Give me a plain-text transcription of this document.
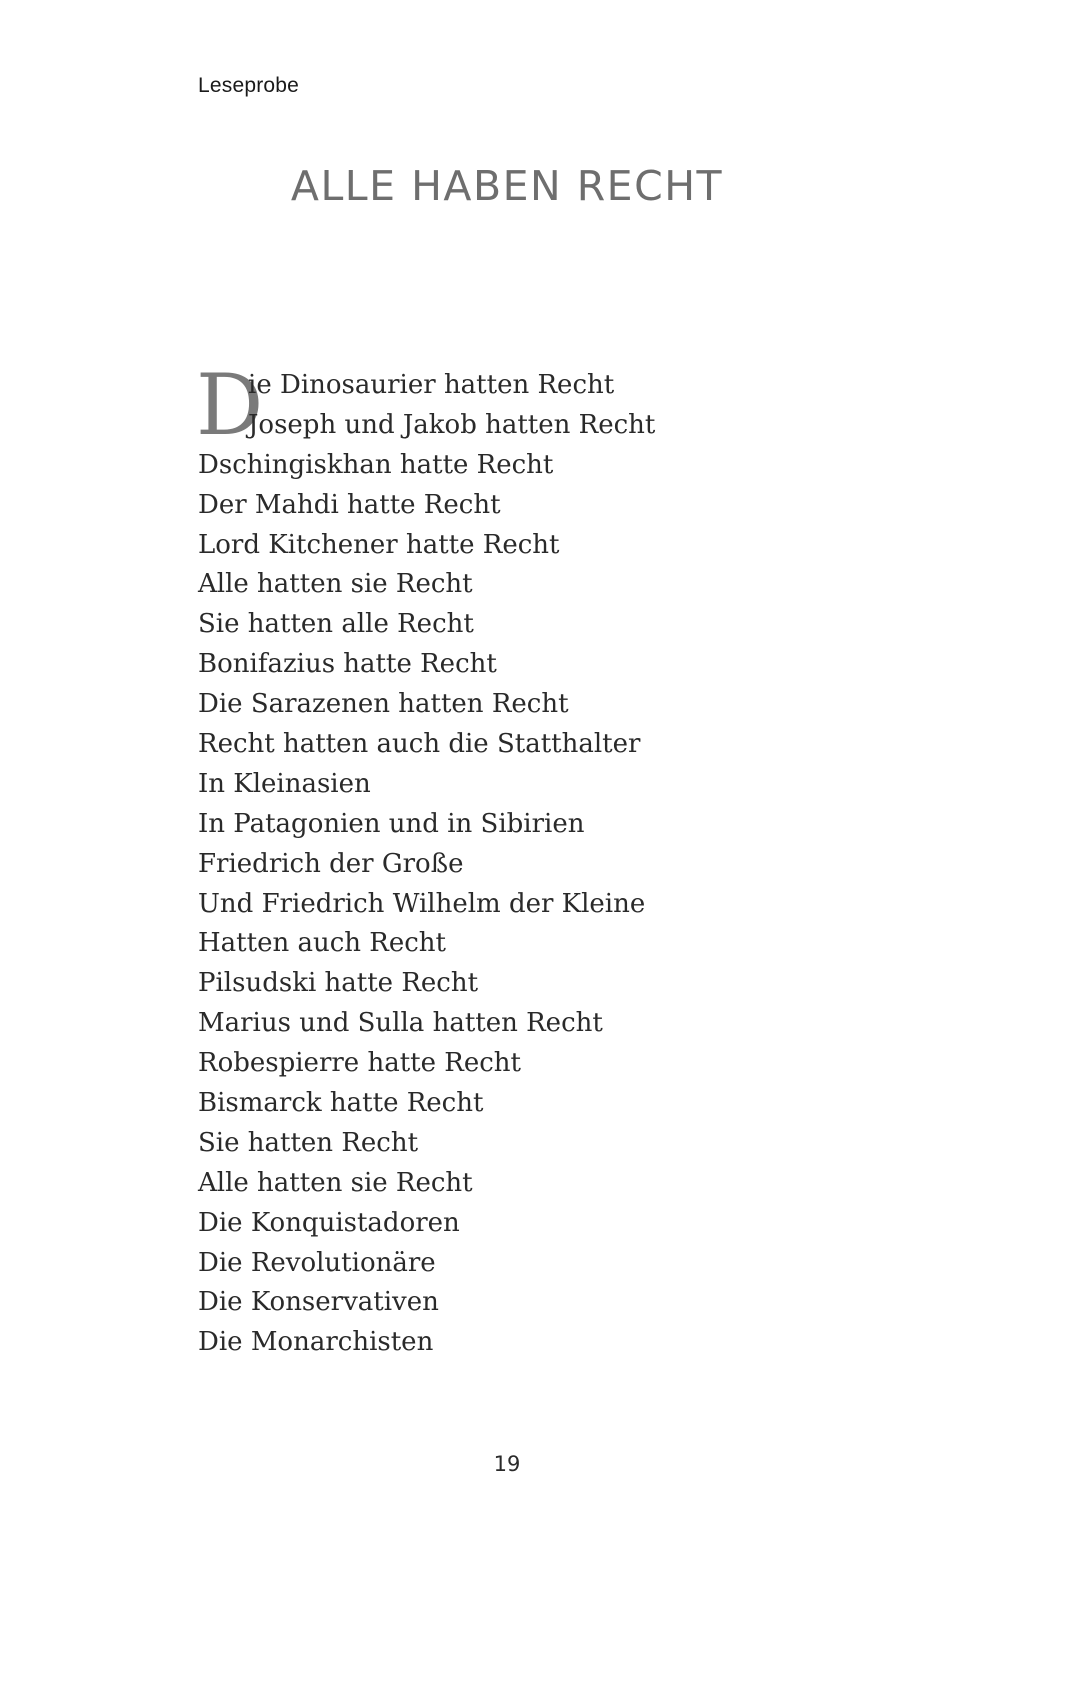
Leseprobe
ALLE HABEN RECHT
D
ie Dinosaurier hatten Recht
Joseph und Jakob hatten Recht
Dschingiskhan hatte Recht
Der Mahdi hatte Recht
Lord Kitchener hatte Recht
Alle hatten sie Recht
Sie hatten alle Recht
Bonifazius hatte Recht
Die Sarazenen hatten Recht
Recht hatten auch die Statthalter
In Kleinasien
In Patagonien und in Sibirien
Friedrich der Große
Und Friedrich Wilhelm der Kleine
Hatten auch Recht
Pilsudski hatte Recht
Marius und Sulla hatten Recht
Robespierre hatte Recht
Bismarck hatte Recht
Sie hatten Recht
Alle hatten sie Recht
Die Konquistadoren
Die Revolutionäre
Die Konservativen
Die Monarchisten
19
